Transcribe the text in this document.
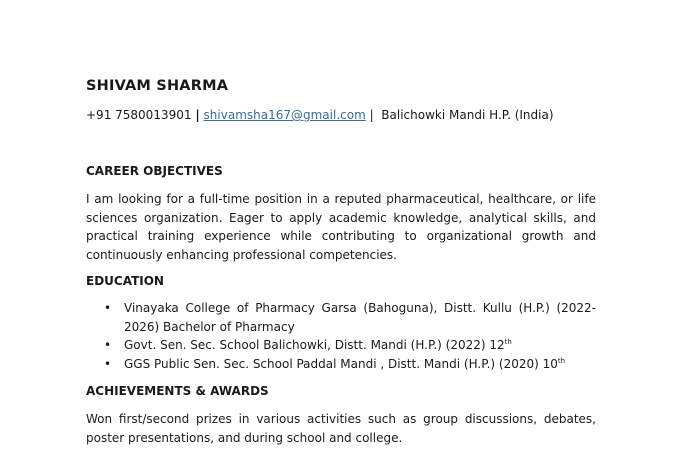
SHIVAM SHARMA
+91 7580013901 | shivamsha167@gmail.com | Balichowki Mandi H.P. (India)
CAREER OBJECTIVES

I am looking for a full-time position in a reputed pharmaceutical, healthcare, or life sciences organization. Eager to apply academic knowledge, analytical skills, and practical training experience while contributing to organizational growth and continuously enhancing professional competencies.

EDUCATION
• Vinayaka College of Pharmacy Garsa (Bahoguna), Distt. Kullu (H.P.) (2022-2026) Bachelor of Pharmacy
• Govt. Sen. Sec. School Balichowki, Distt. Mandi (H.P.) (2022) 12th
• GGS Public Sen. Sec. School Paddal Mandi , Distt. Mandi (H.P.) (2020) 10th
ACHIEVEMENTS & AWARDS

Won first/second prizes in various activities such as group discussions, debates, poster presentations, and during school and college.
